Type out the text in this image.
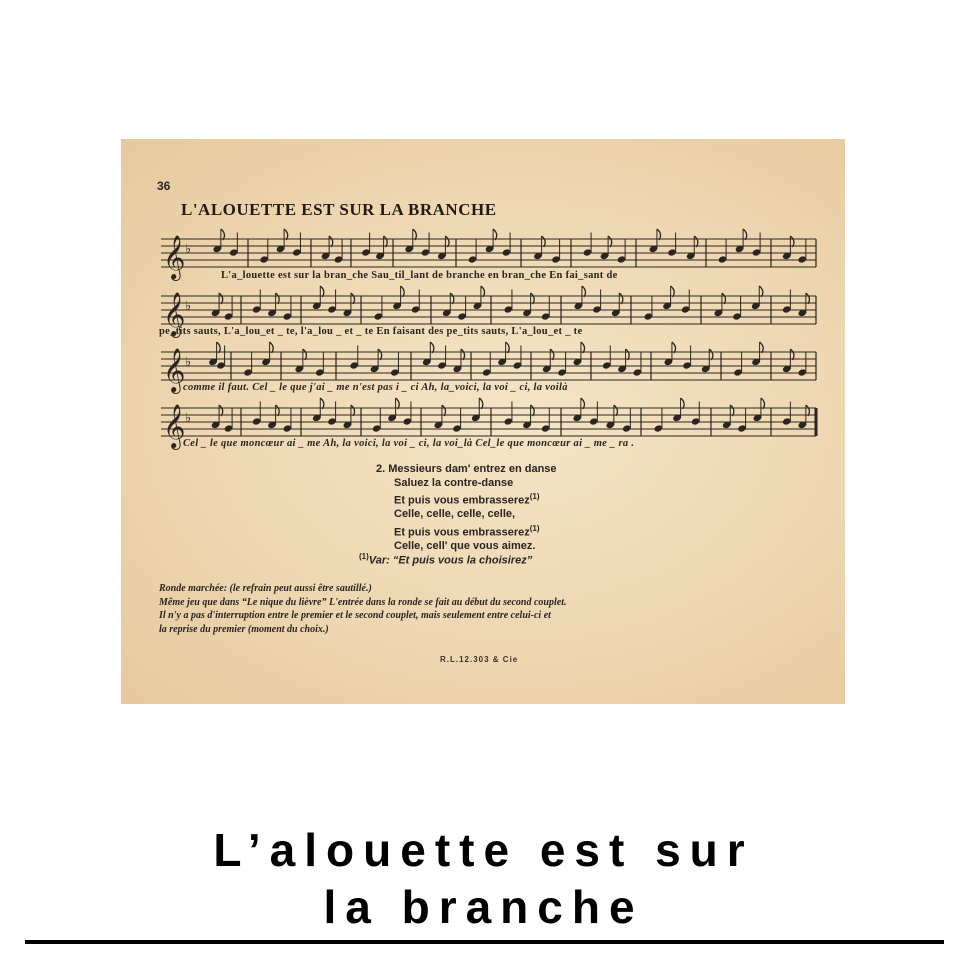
36
L'ALOUETTE EST SUR LA BRANCHE
𝄞 ♭
𝄞 ♭
𝄞 ♭
𝄞 ♭
L'a_louette est sur la bran_che Sau_til_lant de branche en bran_che En fai_sant de
pe_tits sauts, L'a_lou_et _ te, l'a_lou _ et _ te En faisant des pe_tits sauts, L'a_lou_et _ te
comme il faut. Cel _ le que j'ai _ me n'est pas i _ ci Ah, la_voici, la voi _ ci, la voilà
Cel _ le que moncœur ai _ me Ah, la voici, la voi _ ci, la voi_là Cel_le que moncœur ai _ me _ ra .
2. Messieurs dam' entrez en danse
Saluez la contre-danse
Et puis vous embrasserez$^{(1)}$
Celle, celle, celle, celle,
Et puis vous embrasserez$^{(1)}$
Celle, cell' que vous aimez.
$^{(1)}$Var: “Et puis vous la choisirez”
Ronde marchée: (le refrain peut aussi être sautillé.)
Même jeu que dans “Le nique du lièvre” L'entrée dans la ronde se fait au début du second couplet.
Il n'y a pas d'interruption entre le premier et le second couplet, mais seulement entre celui-ci et
la reprise du premier (moment du choix.)
R.L.12.303 & Cie
L’alouette est sur
la branche
